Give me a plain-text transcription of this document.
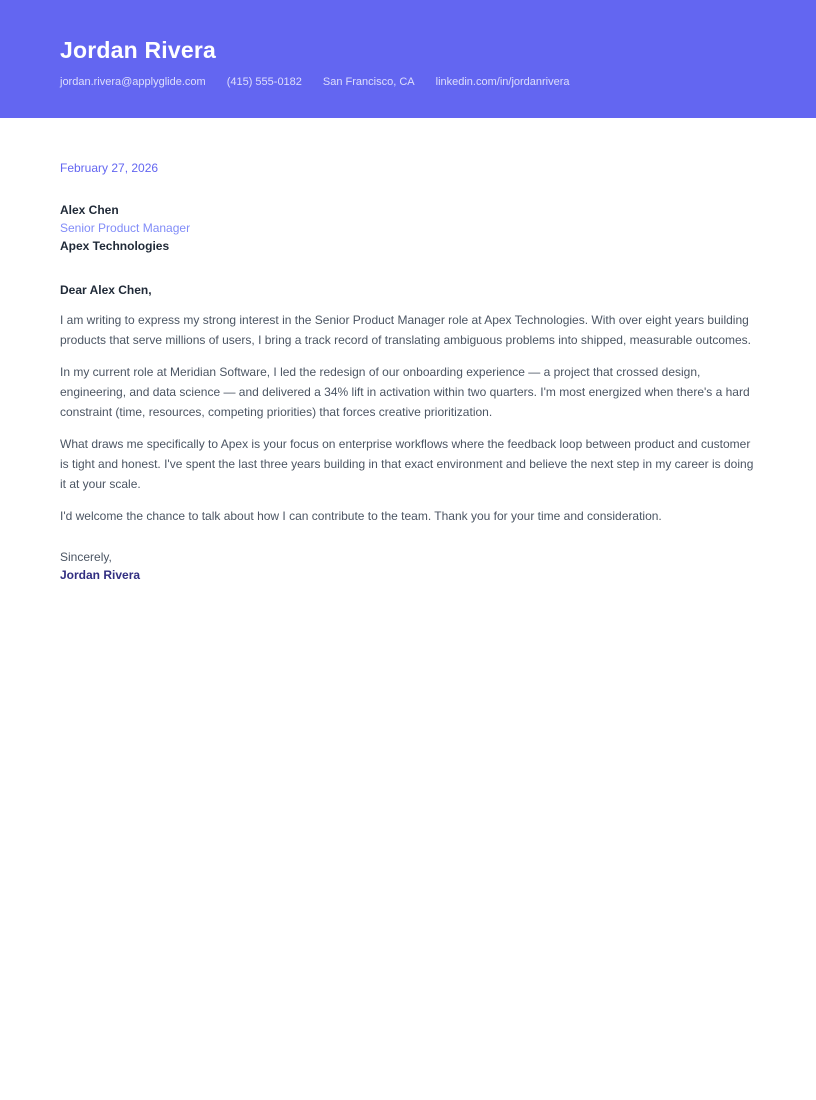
Jordan Rivera
jordan.rivera@applyglide.com (415) 555-0182 San Francisco, CA linkedin.com/in/jordanrivera
February 27, 2026
Alex Chen
Senior Product Manager
Apex Technologies
Dear Alex Chen,

I am writing to express my strong interest in the Senior Product Manager role at Apex Technologies. With over eight years building products that serve millions of users, I bring a track record of translating ambiguous problems into shipped, measurable outcomes.

In my current role at Meridian Software, I led the redesign of our onboarding experience — a project that crossed design, engineering, and data science — and delivered a 34% lift in activation within two quarters. I'm most energized when there's a hard constraint (time, resources, competing priorities) that forces creative prioritization.

What draws me specifically to Apex is your focus on enterprise workflows where the feedback loop between product and customer is tight and honest. I've spent the last three years building in that exact environment and believe the next step in my career is doing it at your scale.

I'd welcome the chance to talk about how I can contribute to the team. Thank you for your time and consideration.

Sincerely,
Jordan Rivera
